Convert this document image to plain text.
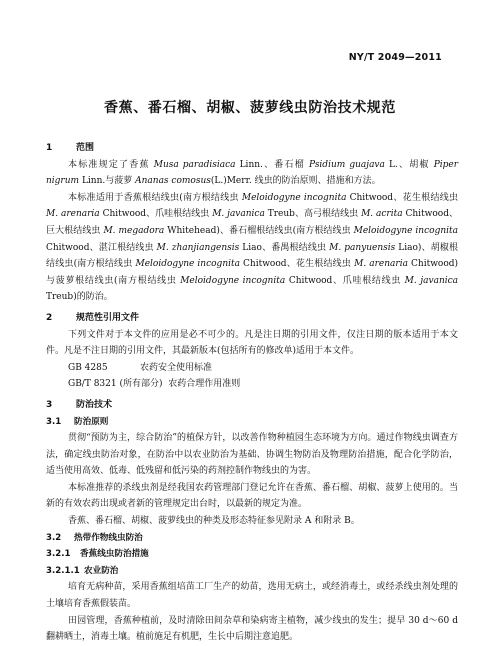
NY/T 2049—2011
香蕉、番石榴、胡椒、菠萝线虫防治技术规范
1	范围

本标准规定了香蕉 Musa paradisiaca Linn.、番石榴 Psidium guajava L.、胡椒 Piper nigrum Linn.与菠萝 Ananas comosus(L.)Merr. 线虫的防治原则、措施和方法。

本标准适用于香蕉根结线虫(南方根结线虫 Meloidogyne incognita Chitwood、花生根结线虫M. arenaria Chitwood、爪哇根结线虫 M. javanica Treub、高弓根结线虫 M. acrita Chitwood、巨大根结线虫 M. megadora Whitehead)、番石榴根结线虫(南方根结线虫 Meloidogyne incognita Chitwood、湛江根结线虫 M. zhanjiangensis Liao、番禺根结线虫 M. panyuensis Liao)、胡椒根结线虫(南方根结线虫 Meloidogyne incognita Chitwood、花生根结线虫 M. arenaria Chitwood)与菠萝根结线虫(南方根结线虫 Meloidogyne incognita Chitwood、爪哇根结线虫 M. javanica Treub)的防治。

2	规范性引用文件

下列文件对于本文件的应用是必不可少的。凡是注日期的引用文件，仅注日期的版本适用于本文件。凡是不注日期的引用文件，其最新版本(包括所有的修改单)适用于本文件。

GB 4285	农药安全使用标准
GB/T 8321 (所有部分) 农药合理作用准则
3	防治技术
3.1 防治原则

贯彻“预防为主，综合防治”的植保方针，以改善作物种植园生态环境为方向。通过作物线虫调查方法，确定线虫防治对象，在防治中以农业防治为基础、协调生物防治及物理防治措施，配合化学防治，适当使用高效、低毒、低残留和低污染的药剂控制作物线虫的为害。

本标准推荐的杀线虫剂是经我国农药管理部门登记允许在香蕉、番石榴、胡椒、菠萝上使用的。当新的有效农药出现或者新的管理规定出台时，以最新的规定为准。

香蕉、番石榴、胡椒、菠萝线虫的种类及形态特征参见附录 A 和附录 B。

3.2 热带作物线虫防治
3.2.1 香蕉线虫防治措施
3.2.1.1 农业防治

培育无病种苗，采用香蕉组培苗工厂生产的幼苗，选用无病土，或经消毒土，或经杀线虫剂处理的土壤培育香蕉假装苗。

田园管理，香蕉种植前，及时清除田间杂草和染病寄主植物，减少线虫的发生；提早 30 d～60 d 翻耕晒土，消毒土壤。植前施足有机肥，生长中后期注意追肥。
